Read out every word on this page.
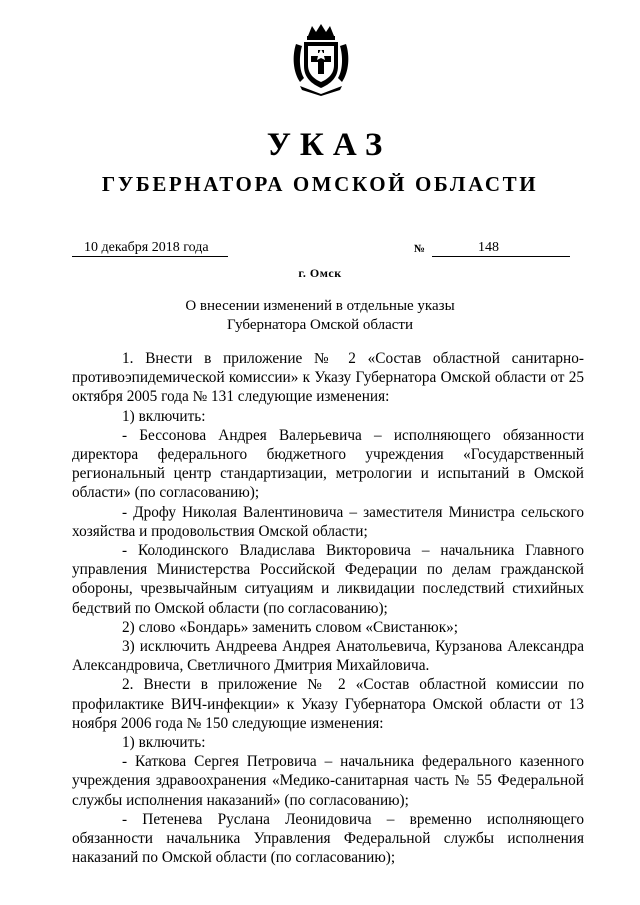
УКАЗ
ГУБЕРНАТОРА ОМСКОЙ ОБЛАСТИ
10 декабря 2018 года	№	148
г. Омск
О внесении изменений в отдельные указы
Губернатора Омской области

1. Внести в приложение № 2 «Состав областной санитарно-противоэпидемической комиссии» к Указу Губернатора Омской области от 25 октября 2005 года № 131 следующие изменения:

1) включить:

- Бессонова Андрея Валерьевича – исполняющего обязанности директора федерального бюджетного учреждения «Государственный региональный центр стандартизации, метрологии и испытаний в Омской области» (по согласованию);

- Дрофу Николая Валентиновича – заместителя Министра сельского хозяйства и продовольствия Омской области;

- Колодинского Владислава Викторовича – начальника Главного управления Министерства Российской Федерации по делам гражданской обороны, чрезвычайным ситуациям и ликвидации последствий стихийных бедствий по Омской области (по согласованию);

2) слово «Бондарь» заменить словом «Свистанюк»;

3) исключить Андреева Андрея Анатольевича, Курзанова Александра Александровича, Светличного Дмитрия Михайловича.

2. Внести в приложение № 2 «Состав областной комиссии по профилактике ВИЧ-инфекции» к Указу Губернатора Омской области от 13 ноября 2006 года № 150 следующие изменения:

1) включить:

- Каткова Сергея Петровича – начальника федерального казенного учреждения здравоохранения «Медико-санитарная часть № 55 Федеральной службы исполнения наказаний» (по согласованию);

- Петенева Руслана Леонидовича – временно исполняющего обязанности начальника Управления Федеральной службы исполнения наказаний по Омской области (по согласованию);
